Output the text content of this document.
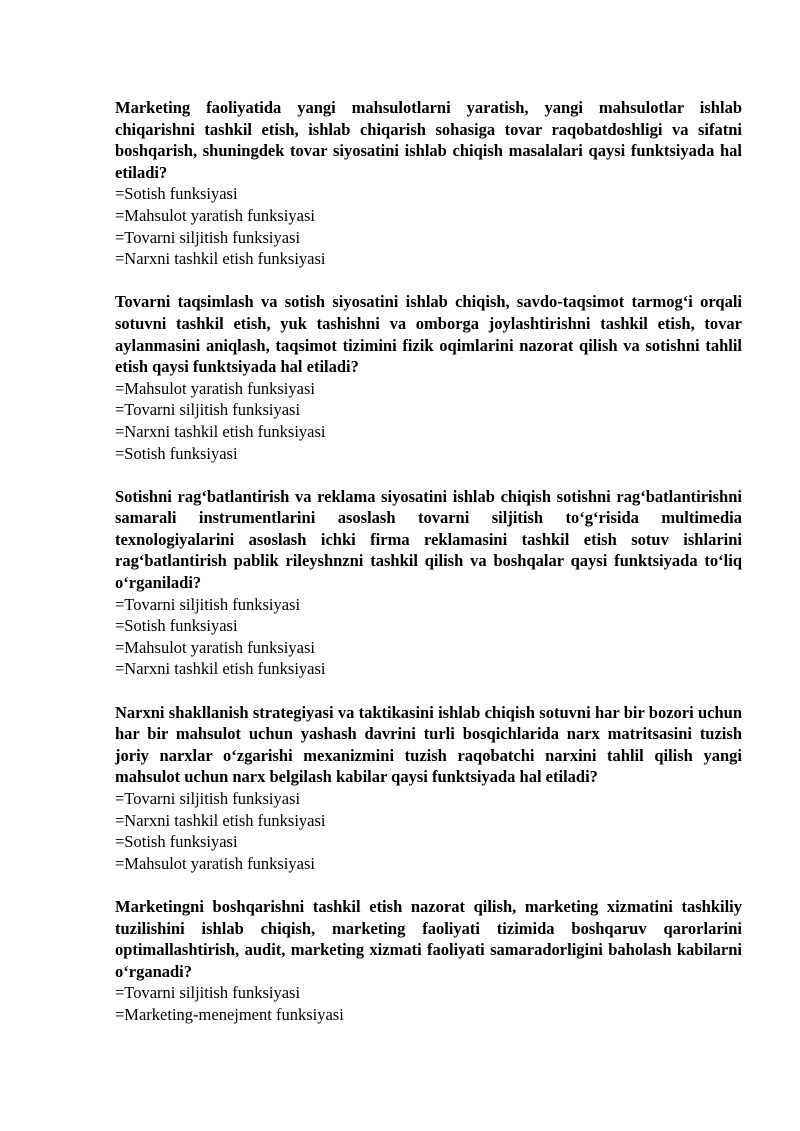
Marketing faoliyatida yangi mahsulotlarni yaratish, yangi mahsulotlar ishlab chiqarishni tashkil etish, ishlab chiqarish sohasiga tovar raqobatdoshligi va sifatni boshqarish, shuningdek tovar siyosatini ishlab chiqish masalalari qaysi funktsiyada hal etiladi?

=Sotish funksiyasi

=Mahsulot yaratish funksiyasi

=Tovarni siljitish funksiyasi

=Narxni tashkil etish funksiyasi

Tovarni taqsimlash va sotish siyosatini ishlab chiqish, savdo-taqsimot tarmog‘i orqali sotuvni tashkil etish, yuk tashishni va omborga joylashtirishni tashkil etish, tovar aylanmasini aniqlash, taqsimot tizimini fizik oqimlarini nazorat qilish va sotishni tahlil etish qaysi funktsiyada hal etiladi?

=Mahsulot yaratish funksiyasi

=Tovarni siljitish funksiyasi

=Narxni tashkil etish funksiyasi

=Sotish funksiyasi

Sotishni rag‘batlantirish va reklama siyosatini ishlab chiqish sotishni rag‘batlantirishni samarali instrumentlarini asoslash tovarni siljitish to‘g‘risida multimedia texnologiyalarini asoslash ichki firma reklamasini tashkil etish sotuv ishlarini rag‘batlantirish pablik rileyshnzni tashkil qilish va boshqalar qaysi funktsiyada to‘liq o‘rganiladi?

=Tovarni siljitish funksiyasi

=Sotish funksiyasi

=Mahsulot yaratish funksiyasi

=Narxni tashkil etish funksiyasi

Narxni shakllanish strategiyasi va taktikasini ishlab chiqish sotuvni har bir bozori uchun har bir mahsulot uchun yashash davrini turli bosqichlarida narx matritsasini tuzish joriy narxlar o‘zgarishi mexanizmini tuzish raqobatchi narxini tahlil qilish yangi mahsulot uchun narx belgilash kabilar qaysi funktsiyada hal etiladi?

=Tovarni siljitish funksiyasi

=Narxni tashkil etish funksiyasi

=Sotish funksiyasi

=Mahsulot yaratish funksiyasi

Marketingni boshqarishni tashkil etish nazorat qilish, marketing xizmatini tashkiliy tuzilishini ishlab chiqish, marketing faoliyati tizimida boshqaruv qarorlarini optimallashtirish, audit, marketing xizmati faoliyati samaradorligini baholash kabilarni o‘rganadi?

=Tovarni siljitish funksiyasi

=Marketing-menejment funksiyasi
